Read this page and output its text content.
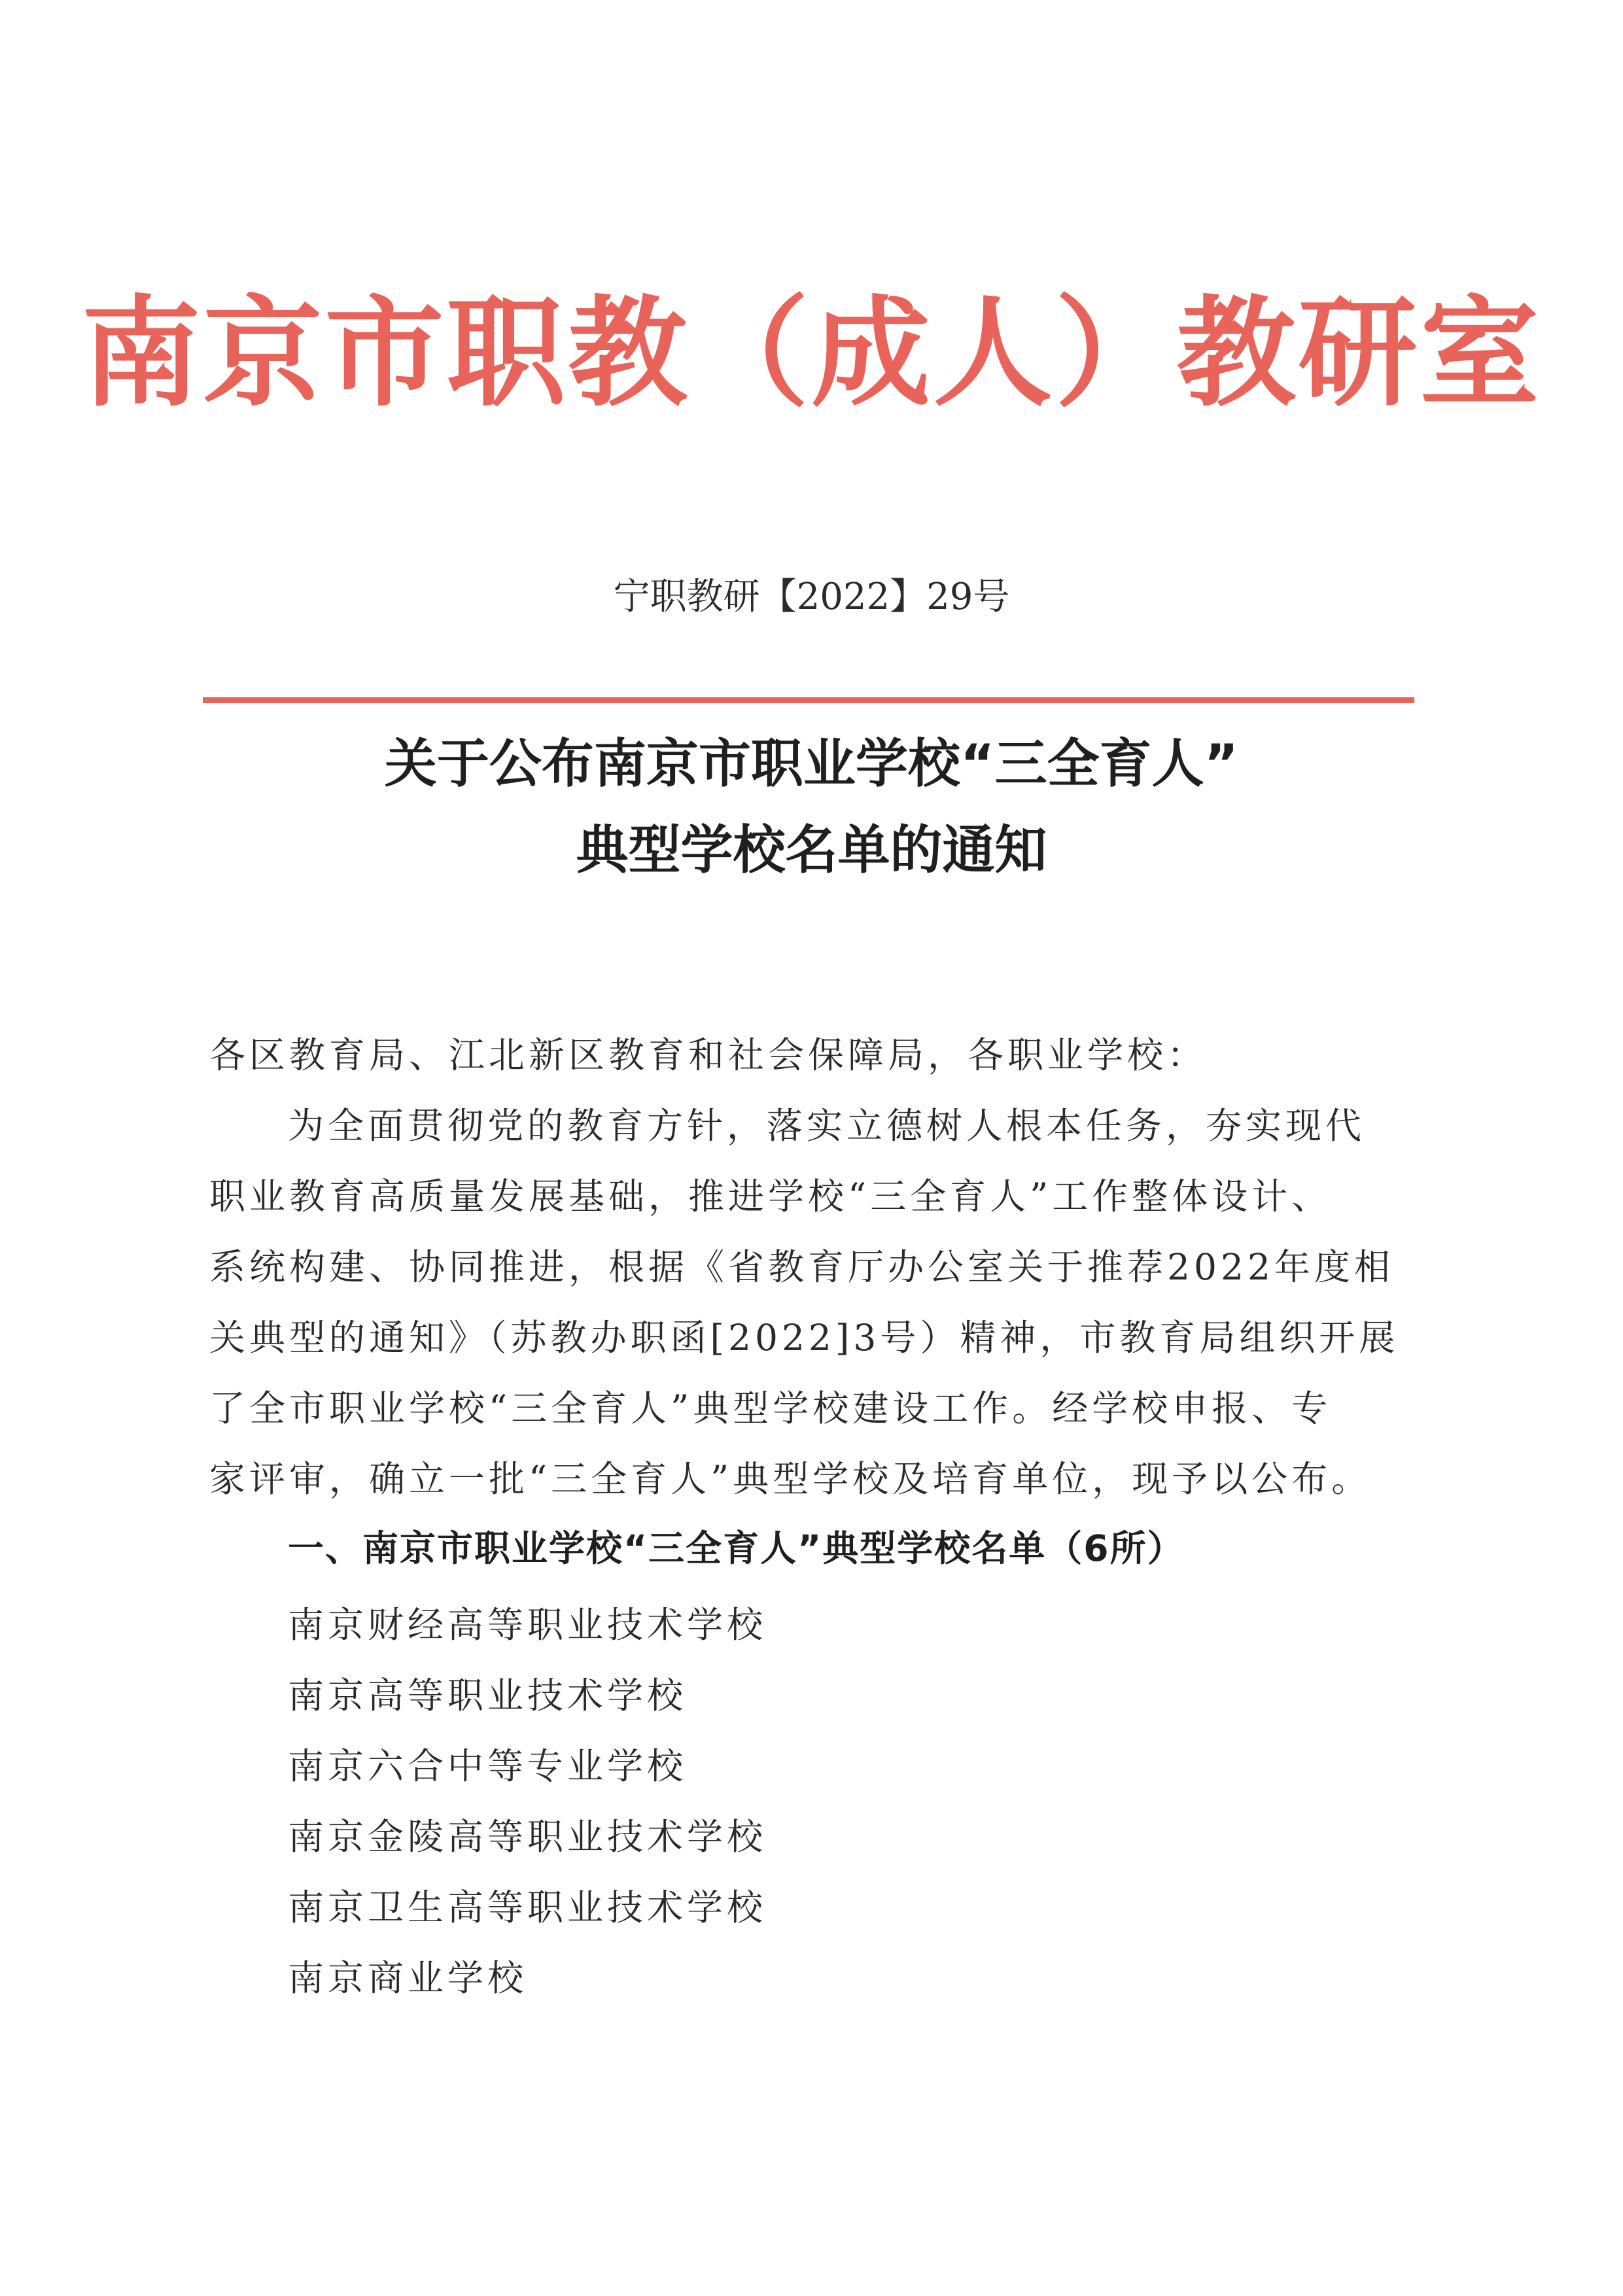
南京市职教（成人）教研室
宁职教研【2022】29号
关于公布南京市职业学校“三全育人”
典型学校名单的通知
各区教育局、江北新区教育和社会保障局，各职业学校：
为全面贯彻党的教育方针，落实立德树人根本任务，夯实现代
职业教育高质量发展基础，推进学校“三全育人”工作整体设计、
系统构建、协同推进，根据《省教育厅办公室关于推荐2022年度相
关典型的通知》（苏教办职函[2022]3号）精神，市教育局组织开展
了全市职业学校“三全育人”典型学校建设工作。经学校申报、专
家评审，确立一批“三全育人”典型学校及培育单位，现予以公布。
一、南京市职业学校“三全育人”典型学校名单（6所）
南京财经高等职业技术学校
南京高等职业技术学校
南京六合中等专业学校
南京金陵高等职业技术学校
南京卫生高等职业技术学校
南京商业学校
